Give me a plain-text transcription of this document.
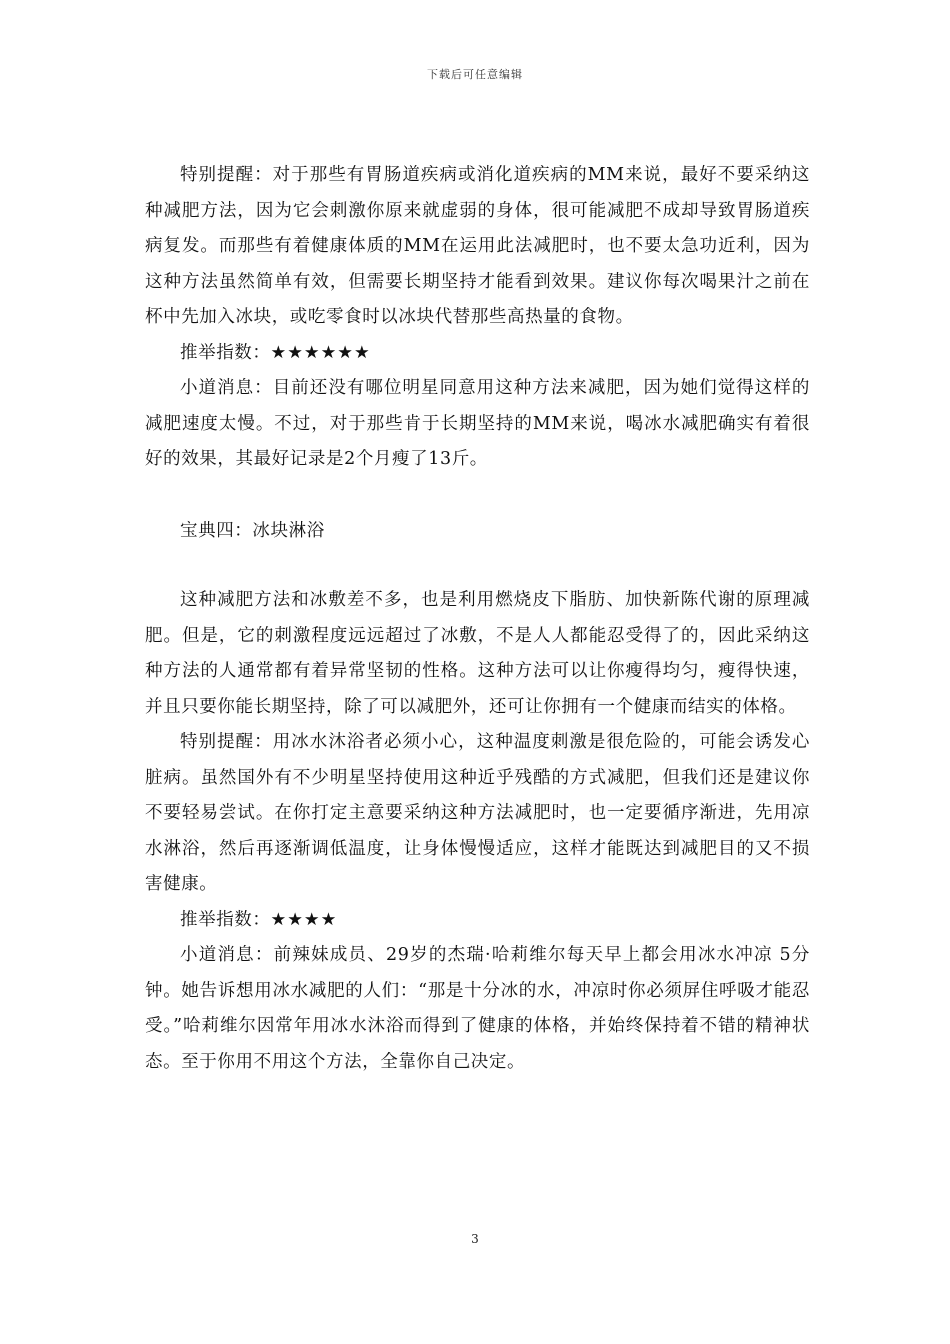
下载后可任意编辑

特别提醒：对于那些有胃肠道疾病或消化道疾病的MM来说，最好不要采纳这种减肥方法，因为它会刺激你原来就虚弱的身体，很可能减肥不成却导致胃肠道疾病复发。而那些有着健康体质的MM在运用此法减肥时，也不要太急功近利，因为这种方法虽然简单有效，但需要长期坚持才能看到效果。建议你每次喝果汁之前在杯中先加入冰块，或吃零食时以冰块代替那些高热量的食物。

推举指数：★★★★★★

小道消息：目前还没有哪位明星同意用这种方法来减肥，因为她们觉得这样的减肥速度太慢。不过，对于那些肯于长期坚持的MM来说，喝冰水减肥确实有着很好的效果，其最好记录是2个月瘦了13斤。

宝典四：冰块淋浴

这种减肥方法和冰敷差不多，也是利用燃烧皮下脂肪、加快新陈代谢的原理减肥。但是，它的刺激程度远远超过了冰敷，不是人人都能忍受得了的，因此采纳这种方法的人通常都有着异常坚韧的性格。这种方法可以让你瘦得均匀，瘦得快速，并且只要你能长期坚持，除了可以减肥外，还可让你拥有一个健康而结实的体格。

特别提醒：用冰水沐浴者必须小心，这种温度刺激是很危险的，可能会诱发心脏病。虽然国外有不少明星坚持使用这种近乎残酷的方式减肥，但我们还是建议你不要轻易尝试。在你打定主意要采纳这种方法减肥时，也一定要循序渐进，先用凉水淋浴，然后再逐渐调低温度，让身体慢慢适应，这样才能既达到减肥目的又不损害健康。

推举指数：★★★★

小道消息：前辣妹成员、29岁的杰瑞·哈莉维尔每天早上都会用冰水冲凉 5分钟。她告诉想用冰水减肥的人们：“那是十分冰的水，冲凉时你必须屏住呼吸才能忍受。”哈莉维尔因常年用冰水沐浴而得到了健康的体格，并始终保持着不错的精神状态。至于你用不用这个方法，全靠你自己决定。

3
